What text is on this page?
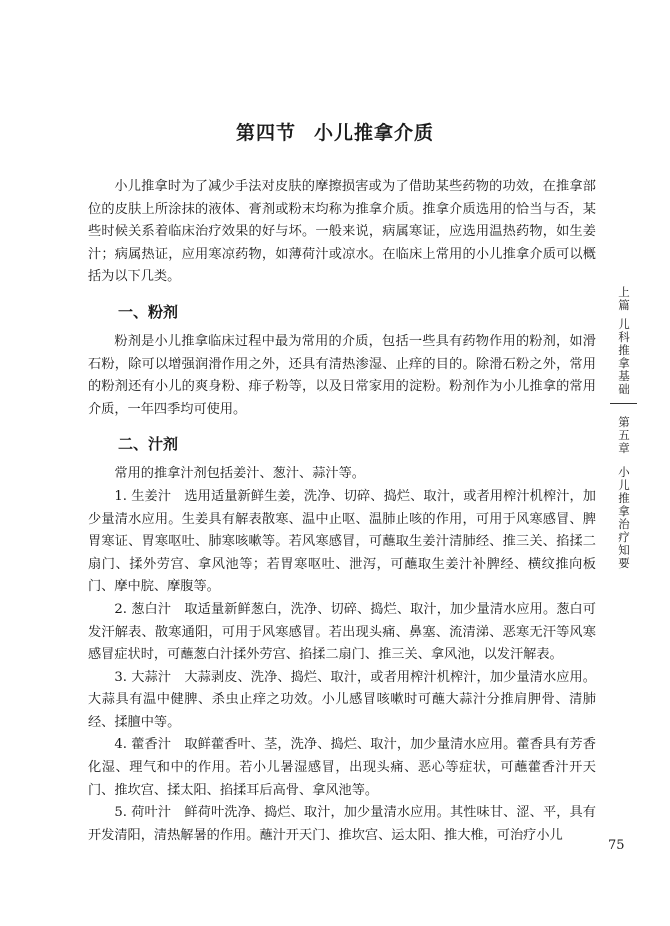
第四节 小儿推拿介质

小儿推拿时为了减少手法对皮肤的摩擦损害或为了借助某些药物的功效，在推拿部位的皮肤上所涂抹的液体、膏剂或粉末均称为推拿介质。推拿介质选用的恰当与否，某些时候关系着临床治疗效果的好与坏。一般来说，病属寒证，应选用温热药物，如生姜汁；病属热证，应用寒凉药物，如薄荷汁或凉水。在临床上常用的小儿推拿介质可以概括为以下几类。

一、粉剂

粉剂是小儿推拿临床过程中最为常用的介质，包括一些具有药物作用的粉剂，如滑石粉，除可以增强润滑作用之外，还具有清热渗湿、止痒的目的。除滑石粉之外，常用的粉剂还有小儿的爽身粉、痱子粉等，以及日常家用的淀粉。粉剂作为小儿推拿的常用介质，一年四季均可使用。

二、汁剂

常用的推拿汁剂包括姜汁、葱汁、蒜汁等。

1. 生姜汁　选用适量新鲜生姜，洗净、切碎、捣烂、取汁，或者用榨汁机榨汁，加少量清水应用。生姜具有解表散寒、温中止呕、温肺止咳的作用，可用于风寒感冒、脾胃寒证、胃寒呕吐、肺寒咳嗽等。若风寒感冒，可蘸取生姜汁清肺经、推三关、掐揉二扇门、揉外劳宫、拿风池等；若胃寒呕吐、泄泻，可蘸取生姜汁补脾经、横纹推向板门、摩中脘、摩腹等。

2. 葱白汁　取适量新鲜葱白，洗净、切碎、捣烂、取汁，加少量清水应用。葱白可发汗解表、散寒通阳，可用于风寒感冒。若出现头痛、鼻塞、流清涕、恶寒无汗等风寒感冒症状时，可蘸葱白汁揉外劳宫、掐揉二扇门、推三关、拿风池，以发汗解表。

3. 大蒜汁　大蒜剥皮、洗净、捣烂、取汁，或者用榨汁机榨汁，加少量清水应用。大蒜具有温中健脾、杀虫止痒之功效。小儿感冒咳嗽时可蘸大蒜汁分推肩胛骨、清肺经、揉膻中等。

4. 藿香汁　取鲜藿香叶、茎，洗净、捣烂、取汁，加少量清水应用。藿香具有芳香化湿、理气和中的作用。若小儿暑湿感冒，出现头痛、恶心等症状，可蘸藿香汁开天门、推坎宫、揉太阳、掐揉耳后高骨、拿风池等。

5. 荷叶汁　鲜荷叶洗净、捣烂、取汁，加少量清水应用。其性味甘、涩、平，具有开发清阳，清热解暑的作用。蘸汁开天门、推坎宫、运太阳、推大椎，可治疗小儿

上篇
儿科推拿基础
第五章
小儿推拿治疗知要
75
